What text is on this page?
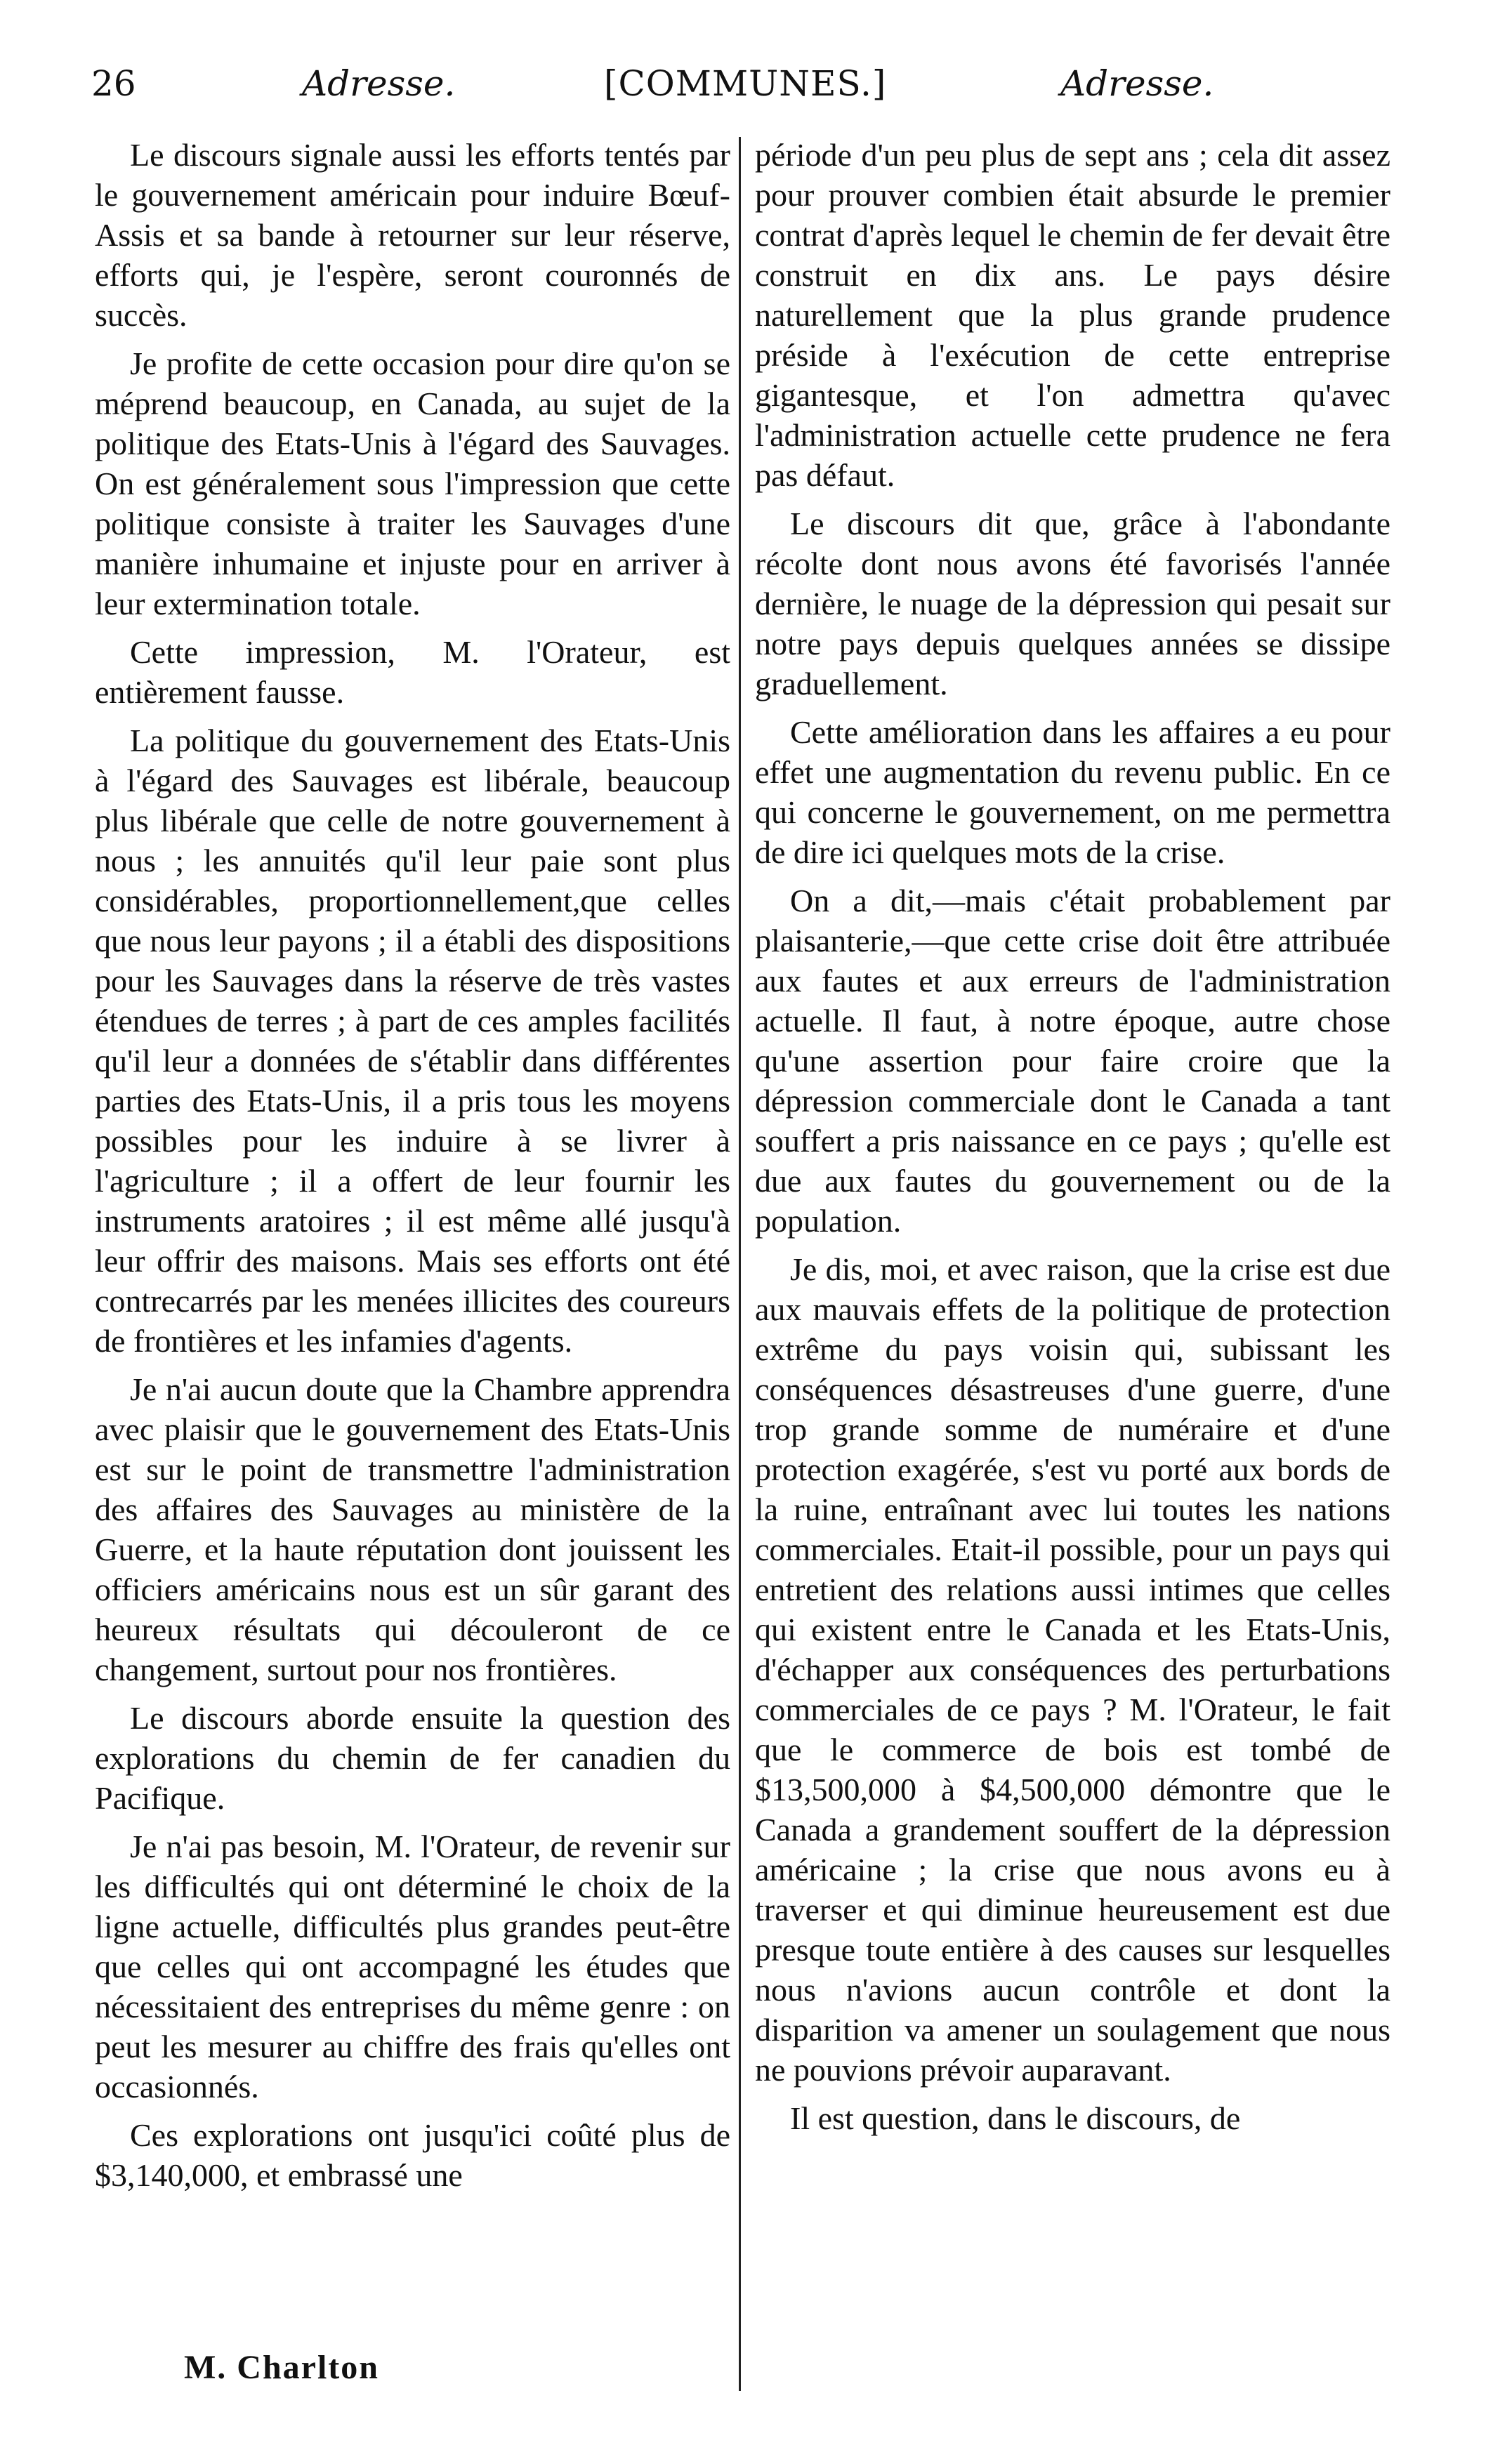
26	Adresse.	[COMMUNES.]	Adresse.

Le discours signale aussi les efforts tentés par le gouvernement américain pour induire Bœuf-Assis et sa bande à retourner sur leur réserve, efforts qui, je l'espère, seront couronnés de succès.

Je profite de cette occasion pour dire qu'on se méprend beaucoup, en Canada, au sujet de la politique des Etats-Unis à l'égard des Sauvages. On est généralement sous l'impression que cette politique consiste à traiter les Sauvages d'une manière inhumaine et injuste pour en arriver à leur extermination totale.

Cette impression, M. l'Orateur, est entièrement fausse.

La politique du gouvernement des Etats-Unis à l'égard des Sauvages est libérale, beaucoup plus libérale que celle de notre gouvernement à nous ; les annuités qu'il leur paie sont plus considérables, proportionnellement,que celles que nous leur payons ; il a établi des dispositions pour les Sauvages dans la réserve de très vastes étendues de terres ; à part de ces amples facilités qu'il leur a données de s'établir dans différentes parties des Etats-Unis, il a pris tous les moyens possibles pour les induire à se livrer à l'agriculture ; il a offert de leur fournir les instruments aratoires ; il est même allé jusqu'à leur offrir des maisons. Mais ses efforts ont été contrecarrés par les menées illicites des coureurs de frontières et les infamies d'agents.

Je n'ai aucun doute que la Chambre apprendra avec plaisir que le gouvernement des Etats-Unis est sur le point de transmettre l'administration des affaires des Sauvages au ministère de la Guerre, et la haute réputation dont jouissent les officiers américains nous est un sûr garant des heureux résultats qui découleront de ce changement, surtout pour nos frontières.

Le discours aborde ensuite la question des explorations du chemin de fer canadien du Pacifique.

Je n'ai pas besoin, M. l'Orateur, de revenir sur les difficultés qui ont déterminé le choix de la ligne actuelle, difficultés plus grandes peut-être que celles qui ont accompagné les études que nécessitaient des entreprises du même genre : on peut les mesurer au chiffre des frais qu'elles ont occasionnés.

Ces explorations ont jusqu'ici coûté plus de $3,140,000, et embrassé une

période d'un peu plus de sept ans ; cela dit assez pour prouver combien était absurde le premier contrat d'après lequel le chemin de fer devait être construit en dix ans. Le pays désire naturellement que la plus grande prudence préside à l'exécution de cette entreprise gigantesque, et l'on admettra qu'avec l'administration actuelle cette prudence ne fera pas défaut.

Le discours dit que, grâce à l'abondante récolte dont nous avons été favorisés l'année dernière, le nuage de la dépression qui pesait sur notre pays depuis quelques années se dissipe graduellement.

Cette amélioration dans les affaires a eu pour effet une augmentation du revenu public. En ce qui concerne le gouvernement, on me permettra de dire ici quelques mots de la crise.

On a dit,—mais c'était probablement par plaisanterie,—que cette crise doit être attribuée aux fautes et aux erreurs de l'administration actuelle. Il faut, à notre époque, autre chose qu'une assertion pour faire croire que la dépression commerciale dont le Canada a tant souffert a pris naissance en ce pays ; qu'elle est due aux fautes du gouvernement ou de la population.

Je dis, moi, et avec raison, que la crise est due aux mauvais effets de la politique de protection extrême du pays voisin qui, subissant les conséquences désastreuses d'une guerre, d'une trop grande somme de numéraire et d'une protection exagérée, s'est vu porté aux bords de la ruine, entraînant avec lui toutes les nations commerciales. Etait-il possible, pour un pays qui entretient des relations aussi intimes que celles qui existent entre le Canada et les Etats-Unis, d'échapper aux conséquences des perturbations commerciales de ce pays ? M. l'Orateur, le fait que le commerce de bois est tombé de $13,500,000 à $4,500,000 démontre que le Canada a grandement souffert de la dépression américaine ; la crise que nous avons eu à traverser et qui diminue heureusement est due presque toute entière à des causes sur lesquelles nous n'avions aucun contrôle et dont la disparition va amener un soulagement que nous ne pouvions prévoir auparavant.

Il est question, dans le discours, de

M. Charlton
